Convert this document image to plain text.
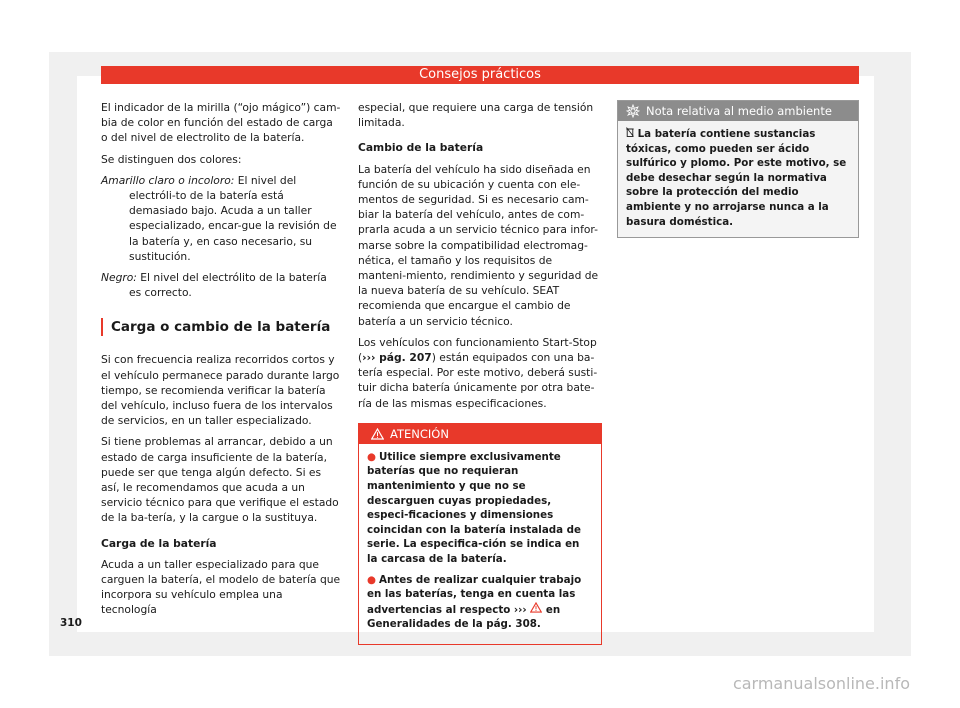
Consejos prácticos

El indicador de la mirilla (“ojo mágico”) cam-bia de color en función del estado de carga o del nivel de electrolito de la batería.

Se distinguen dos colores:

Amarillo claro o incoloro: El nivel del electróli-to de la batería está demasiado bajo. Acuda a un taller especializado, encar-gue la revisión de la batería y, en caso necesario, su sustitución.

Negro: El nivel del electrólito de la batería es correcto.

Carga o cambio de la batería

Si con frecuencia realiza recorridos cortos y el vehículo permanece parado durante largo tiempo, se recomienda verificar la batería del vehículo, incluso fuera de los intervalos de servicios, en un taller especializado.

Si tiene problemas al arrancar, debido a un estado de carga insuficiente de la batería, puede ser que tenga algún defecto. Si es así, le recomendamos que acuda a un servicio técnico para que verifique el estado de la ba-tería, y la cargue o la sustituya.

Carga de la batería

Acuda a un taller especializado para que carguen la batería, el modelo de batería que incorpora su vehículo emplea una tecnología

especial, que requiere una carga de tensión limitada.

Cambio de la batería

La batería del vehículo ha sido diseñada en función de su ubicación y cuenta con ele-mentos de seguridad. Si es necesario cam-biar la batería del vehículo, antes de com-prarla acuda a un servicio técnico para infor-marse sobre la compatibilidad electromag-nética, el tamaño y los requisitos de manteni-miento, rendimiento y seguridad de la nueva batería de su vehículo. SEAT recomienda que encargue el cambio de batería a un servicio técnico.

Los vehículos con funcionamiento Start-Stop (››› pág. 207) están equipados con una ba-tería especial. Por este motivo, deberá susti-tuir dicha batería únicamente por otra bate-ría de las mismas especificaciones.

ATENCIÓN

● Utilice siempre exclusivamente baterías que no requieran mantenimiento y que no se descarguen cuyas propiedades, especi-ficaciones y dimensiones coincidan con la batería instalada de serie. La especifica-ción se indica en la carcasa de la batería.

● Antes de realizar cualquier trabajo en las baterías, tenga en cuenta las advertencias al respecto ››› en Generalidades de la pág. 308.

Nota relativa al medio ambiente
La batería contiene sustancias tóxicas, como pueden ser ácido sulfúrico y plomo. Por este motivo, se debe desechar según la normativa sobre la protección del medio ambiente y no arrojarse nunca a la basura doméstica.
310
carmanualsonline.info
